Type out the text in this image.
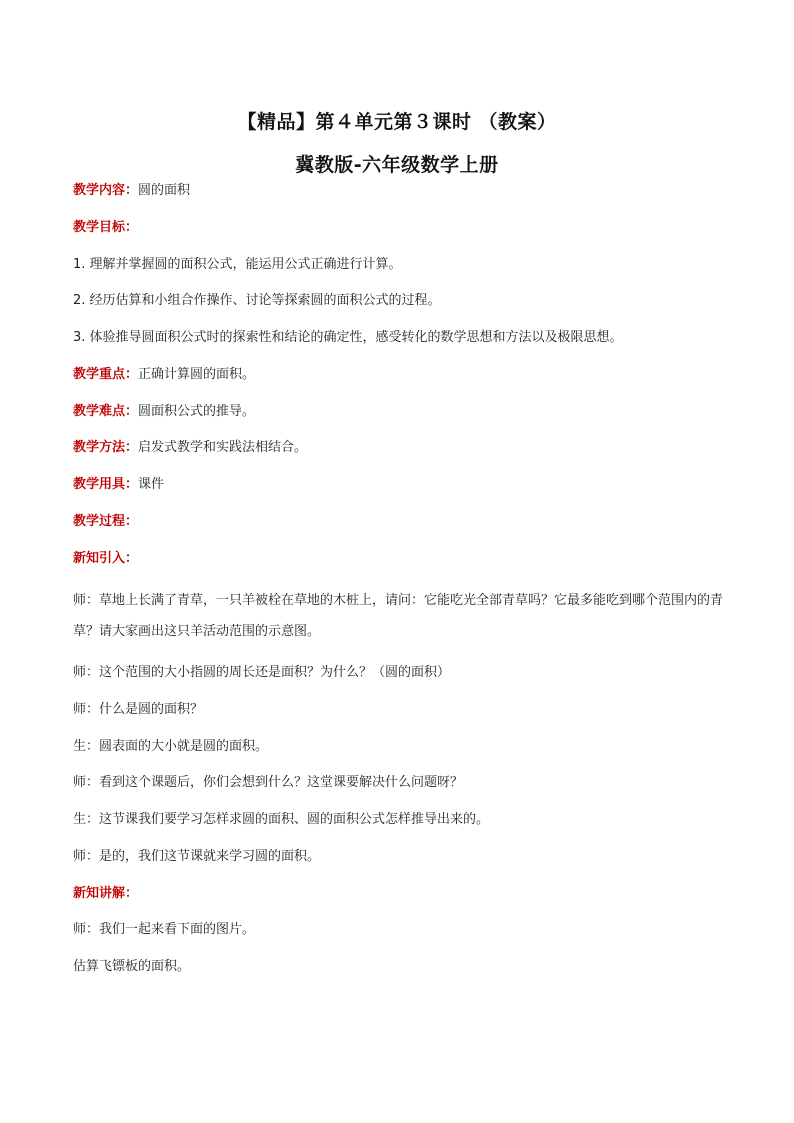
【精品】第４单元第３课时 （教案）
冀教版-六年级数学上册
教学内容：圆的面积
教学目标：
1. 理解并掌握圆的面积公式，能运用公式正确进行计算。
2. 经历估算和小组合作操作、讨论等探索圆的面积公式的过程。
3. 体验推导圆面积公式时的探索性和结论的确定性，感受转化的数学思想和方法以及极限思想。
教学重点：正确计算圆的面积。
教学难点：圆面积公式的推导。
教学方法：启发式教学和实践法相结合。
教学用具：课件
教学过程：
新知引入：
师：草地上长满了青草，一只羊被栓在草地的木桩上，请问：它能吃光全部青草吗？它最多能吃到哪个范围内的青草？请大家画出这只羊活动范围的示意图。
师：这个范围的大小指圆的周长还是面积？为什么？（圆的面积）
师：什么是圆的面积？
生：圆表面的大小就是圆的面积。
师：看到这个课题后，你们会想到什么？这堂课要解决什么问题呀？
生：这节课我们要学习怎样求圆的面积、圆的面积公式怎样推导出来的。
师：是的，我们这节课就来学习圆的面积。
新知讲解：
师：我们一起来看下面的图片。
估算飞镖板的面积。
